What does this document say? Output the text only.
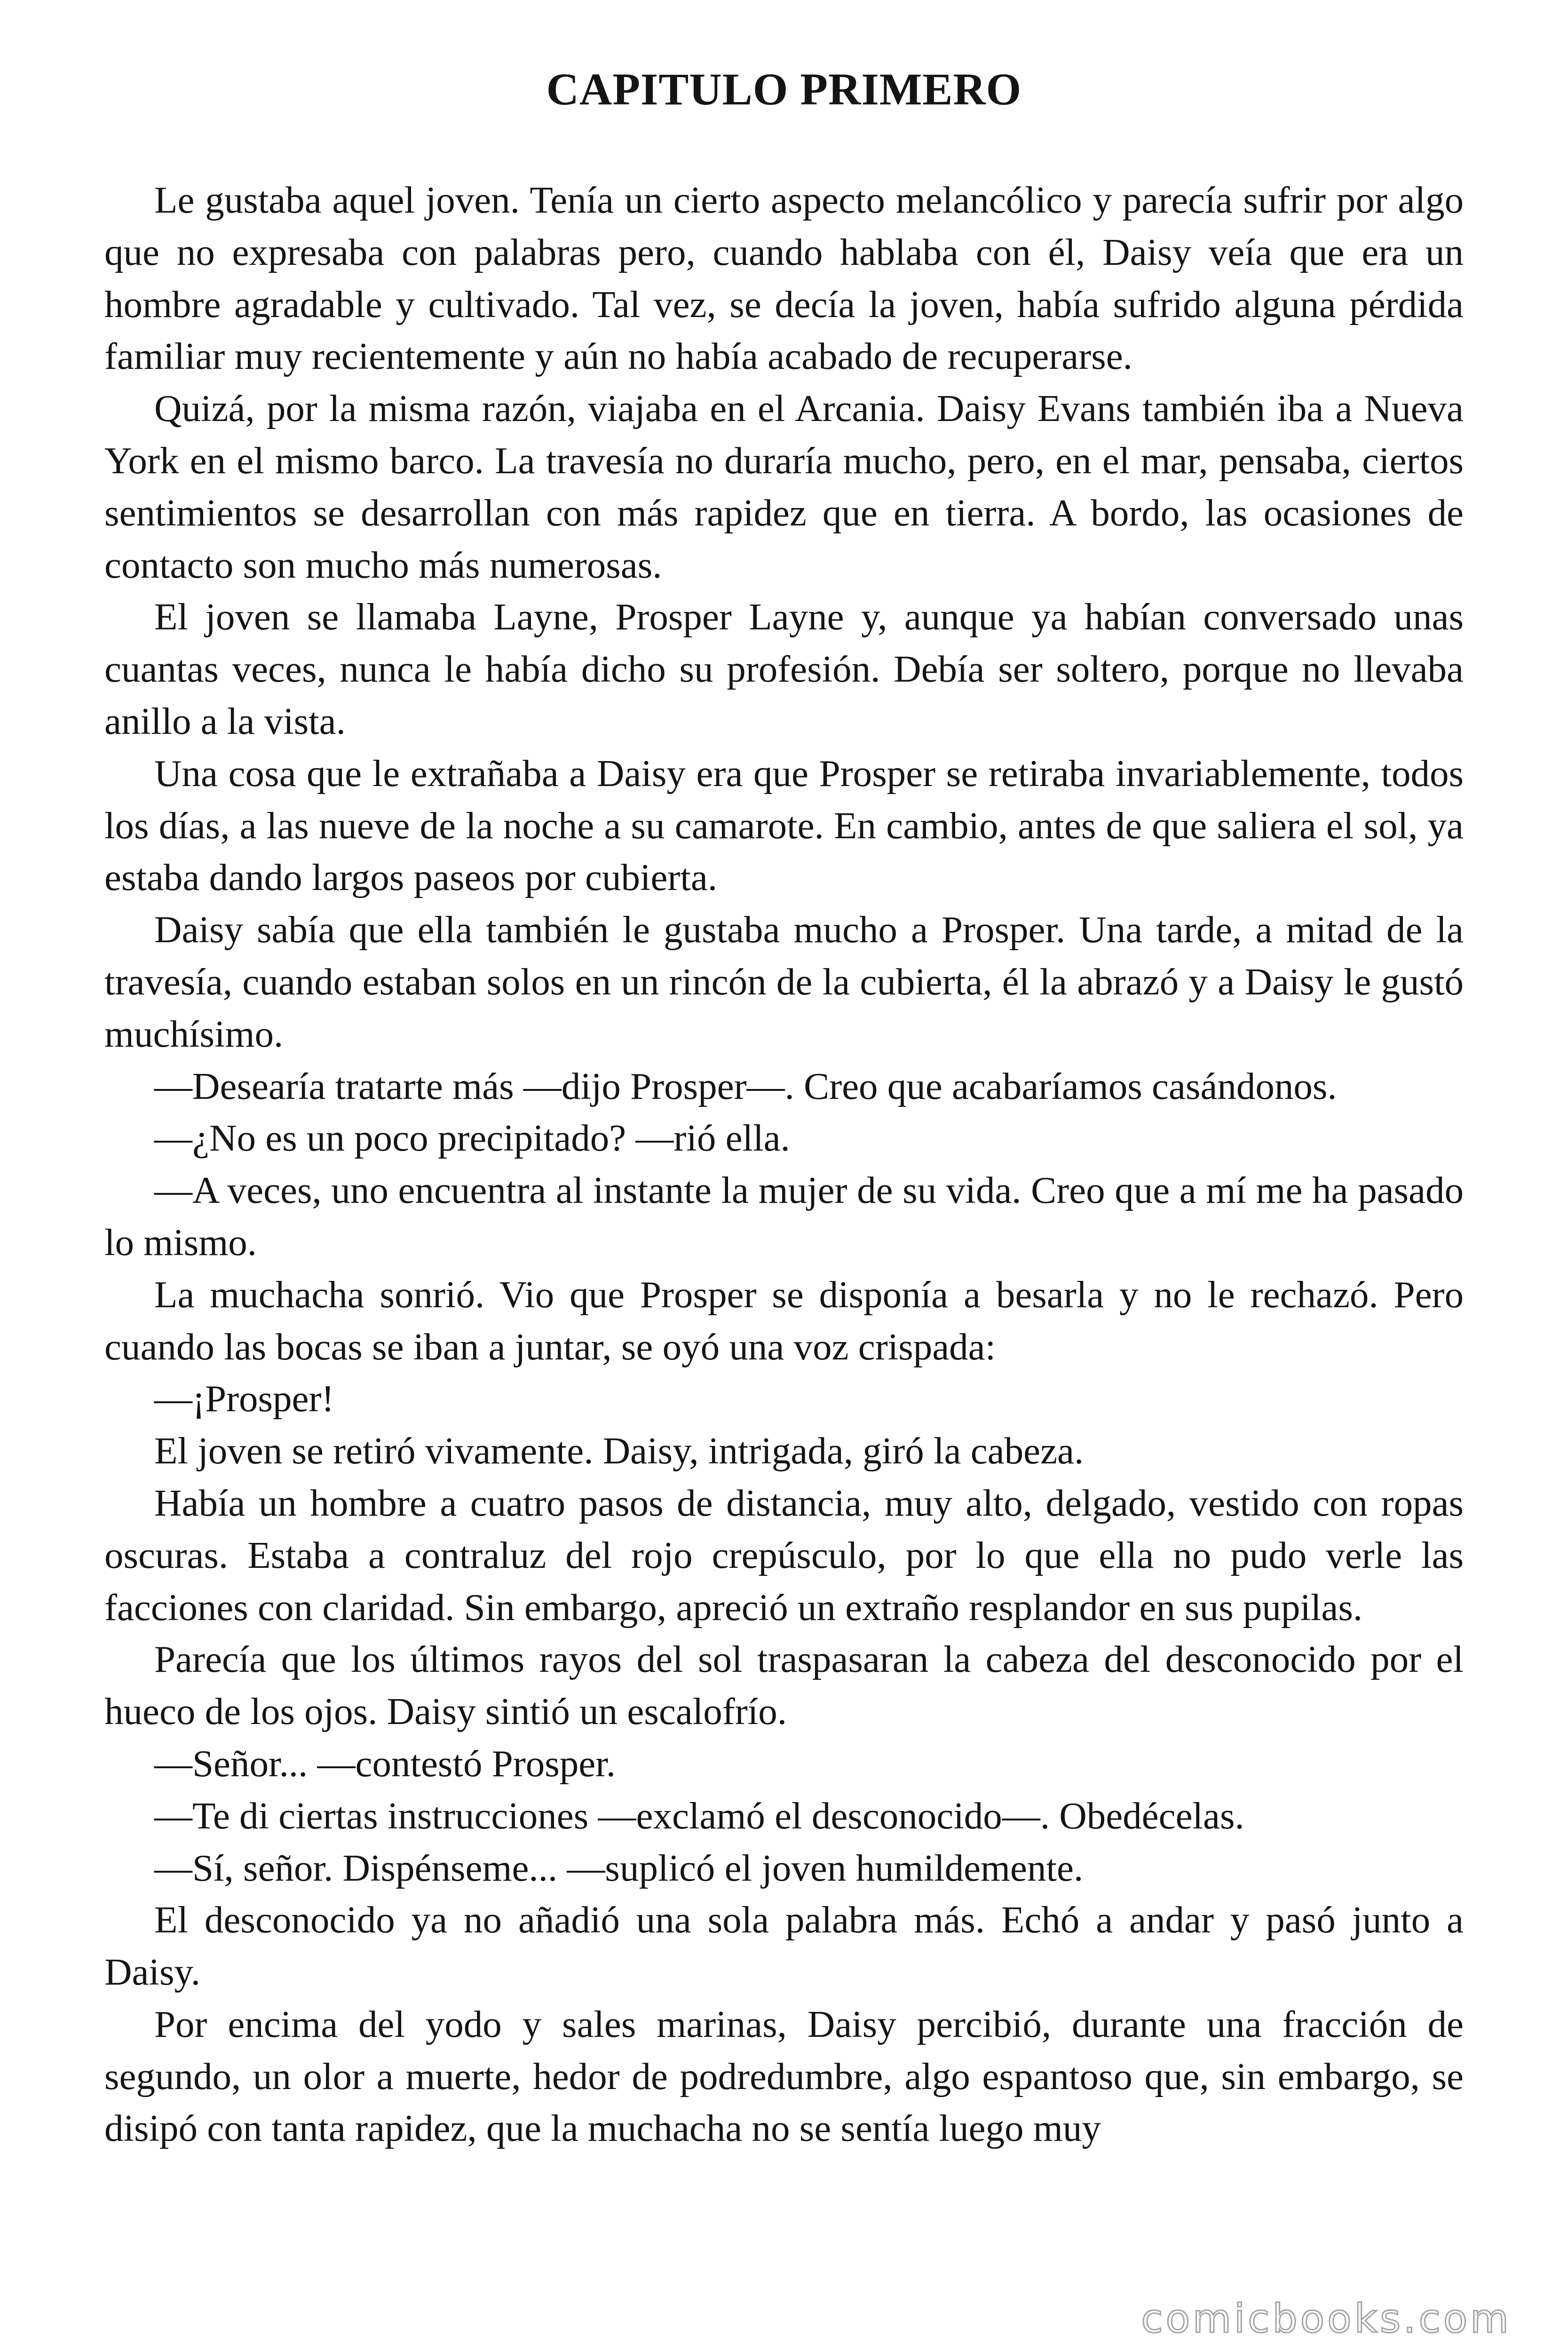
CAPITULO PRIMERO

Le gustaba aquel joven. Tenía un cierto aspecto melancólico y parecía sufrir por algo que no expresaba con palabras pero, cuando hablaba con él, Daisy veía que era un hombre agradable y cultivado. Tal vez, se decía la joven, había sufrido alguna pérdida familiar muy recientemente y aún no había acabado de recuperarse.

Quizá, por la misma razón, viajaba en el Arcania. Daisy Evans también iba a Nueva York en el mismo barco. La travesía no duraría mucho, pero, en el mar, pensaba, ciertos sentimientos se desarrollan con más rapidez que en tierra. A bordo, las ocasiones de contacto son mucho más numerosas.

El joven se llamaba Layne, Prosper Layne y, aunque ya habían conversado unas cuantas veces, nunca le había dicho su profesión. Debía ser soltero, porque no llevaba anillo a la vista.

Una cosa que le extrañaba a Daisy era que Prosper se retiraba invariablemente, todos los días, a las nueve de la noche a su camarote. En cambio, antes de que saliera el sol, ya estaba dando largos paseos por cubierta.

Daisy sabía que ella también le gustaba mucho a Prosper. Una tarde, a mitad de la travesía, cuando estaban solos en un rincón de la cubierta, él la abrazó y a Daisy le gustó muchísimo.

—Desearía tratarte más —dijo Prosper—. Creo que acabaríamos casándonos.

—¿No es un poco precipitado? —rió ella.

—A veces, uno encuentra al instante la mujer de su vida. Creo que a mí me ha pasado lo mismo.

La muchacha sonrió. Vio que Prosper se disponía a besarla y no le rechazó. Pero cuando las bocas se iban a juntar, se oyó una voz crispada:

—¡Prosper!

El joven se retiró vivamente. Daisy, intrigada, giró la cabeza.

Había un hombre a cuatro pasos de distancia, muy alto, delgado, vestido con ropas oscuras. Estaba a contraluz del rojo crepúsculo, por lo que ella no pudo verle las facciones con claridad. Sin embargo, apreció un extraño resplandor en sus pupilas.

Parecía que los últimos rayos del sol traspasaran la cabeza del desconocido por el hueco de los ojos. Daisy sintió un escalofrío.

—Señor... —contestó Prosper.

—Te di ciertas instrucciones —exclamó el desconocido—. Obedécelas.

—Sí, señor. Dispénseme... —suplicó el joven humildemente.

El desconocido ya no añadió una sola palabra más. Echó a andar y pasó junto a Daisy.

Por encima del yodo y sales marinas, Daisy percibió, durante una fracción de segundo, un olor a muerte, hedor de podredumbre, algo espantoso que, sin embargo, se disipó con tanta rapidez, que la muchacha no se sentía luego muy

comicbooks.com
